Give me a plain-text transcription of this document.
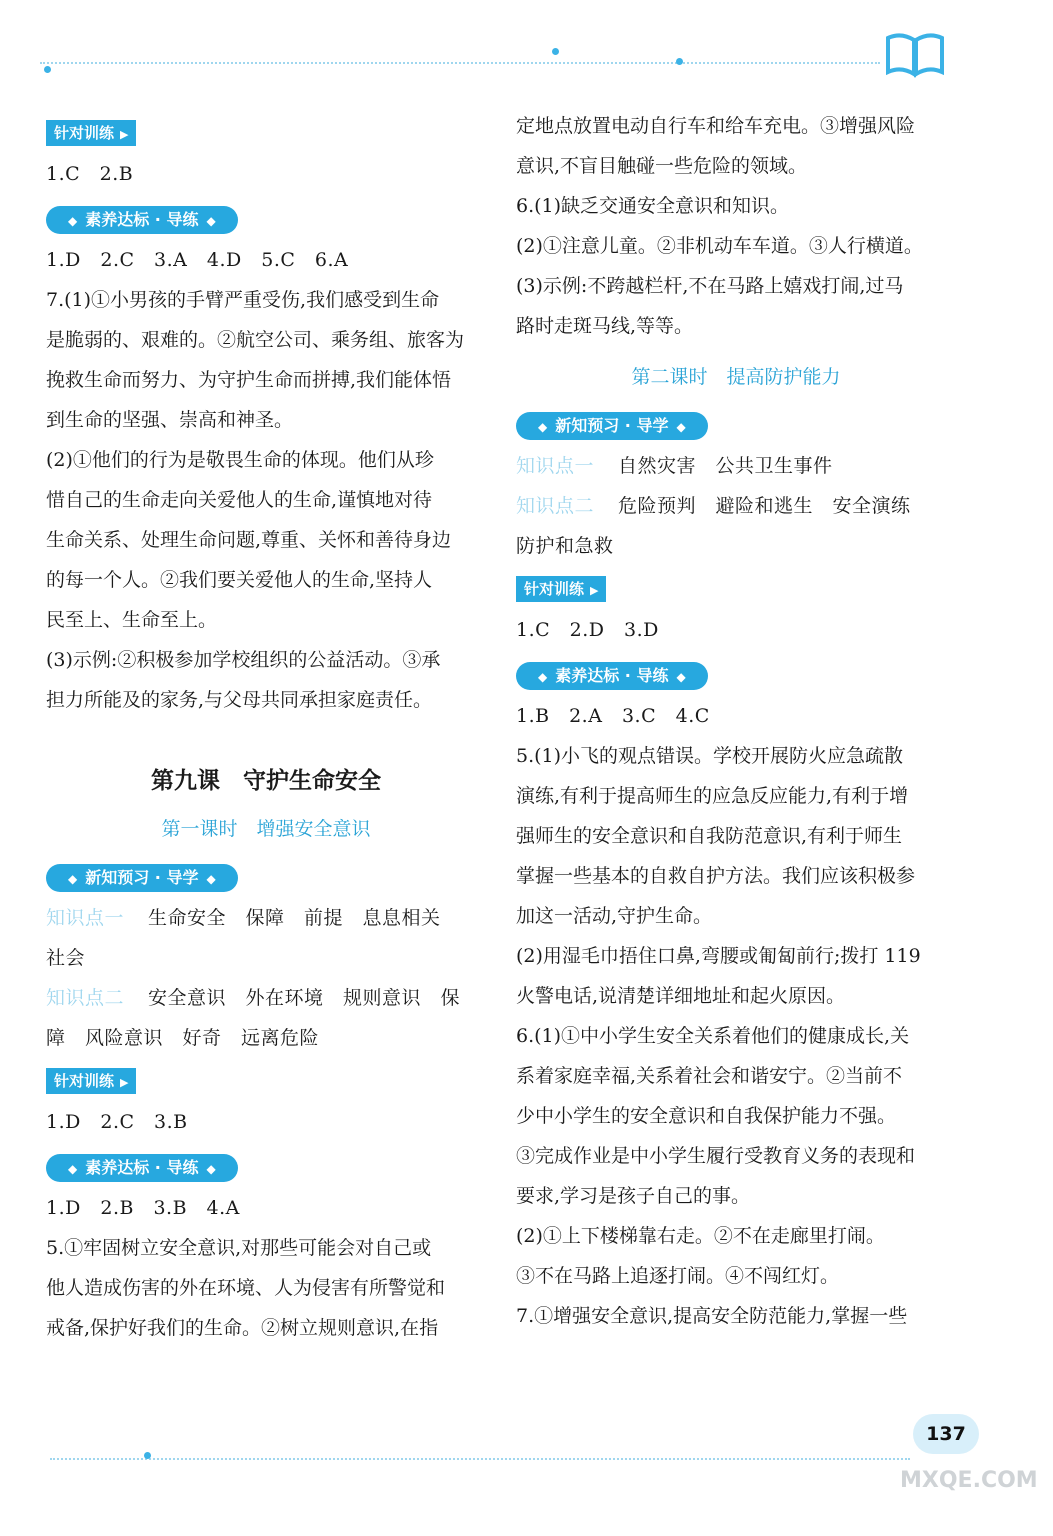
针对训练 ▶
1.C　2.B
◆ 素养达标 · 导练 ◆
1.D　2.C　3.A　4.D　5.C　6.A
7.(1)①小男孩的手臂严重受伤,我们感受到生命
是脆弱的、艰难的。②航空公司、乘务组、旅客为
挽救生命而努力、为守护生命而拼搏,我们能体悟
到生命的坚强、崇高和神圣。
(2)①他们的行为是敬畏生命的体现。他们从珍
惜自己的生命走向关爱他人的生命,谨慎地对待
生命关系、处理生命问题,尊重、关怀和善待身边
的每一个人。②我们要关爱他人的生命,坚持人
民至上、生命至上。
(3)示例:②积极参加学校组织的公益活动。③承
担力所能及的家务,与父母共同承担家庭责任。
第九课　守护生命安全
第一课时　增强安全意识
◆ 新知预习 · 导学 ◆
知识点一 生命安全　保障　前提　息息相关
社会
知识点二 安全意识　外在环境　规则意识　保
障　风险意识　好奇　远离危险
针对训练 ▶
1.D　2.C　3.B
◆ 素养达标 · 导练 ◆
1.D　2.B　3.B　4.A
5.①牢固树立安全意识,对那些可能会对自己或
他人造成伤害的外在环境、人为侵害有所警觉和
戒备,保护好我们的生命。②树立规则意识,在指
定地点放置电动自行车和给车充电。③增强风险
意识,不盲目触碰一些危险的领域。
6.(1)缺乏交通安全意识和知识。
(2)①注意儿童。②非机动车车道。③人行横道。
(3)示例:不跨越栏杆,不在马路上嬉戏打闹,过马
路时走斑马线,等等。
第二课时　提高防护能力
◆ 新知预习 · 导学 ◆
知识点一 自然灾害　公共卫生事件
知识点二 危险预判　避险和逃生　安全演练
防护和急救
针对训练 ▶
1.C　2.D　3.D
◆ 素养达标 · 导练 ◆
1.B　2.A　3.C　4.C
5.(1)小飞的观点错误。学校开展防火应急疏散
演练,有利于提高师生的应急反应能力,有利于增
强师生的安全意识和自我防范意识,有利于师生
掌握一些基本的自救自护方法。我们应该积极参
加这一活动,守护生命。
(2)用湿毛巾捂住口鼻,弯腰或匍匐前行;拨打 119
火警电话,说清楚详细地址和起火原因。
6.(1)①中小学生安全关系着他们的健康成长,关
系着家庭幸福,关系着社会和谐安宁。②当前不
少中小学生的安全意识和自我保护能力不强。
③完成作业是中小学生履行受教育义务的表现和
要求,学习是孩子自己的事。
(2)①上下楼梯靠右走。②不在走廊里打闹。
③不在马路上追逐打闹。④不闯红灯。
7.①增强安全意识,提高安全防范能力,掌握一些
137
MXQE.COM
